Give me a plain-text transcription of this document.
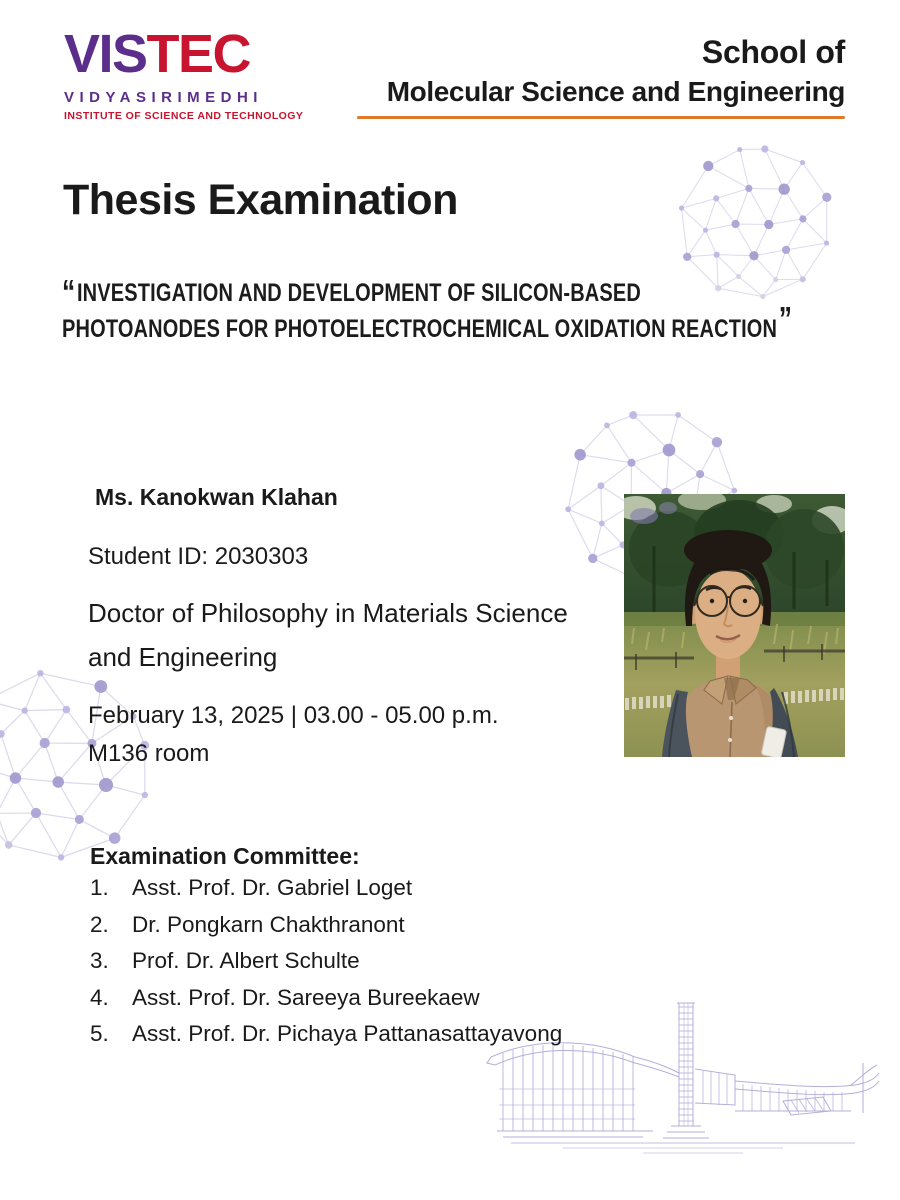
VISTEC
VIDYASIRIMEDHI
INSTITUTE OF SCIENCE AND TECHNOLOGY
School of
Molecular Science and Engineering
Thesis Examination
“INVESTIGATION AND DEVELOPMENT OF SILICON-BASED
PHOTOANODES FOR PHOTOELECTROCHEMICAL OXIDATION REACTION”
Ms. Kanokwan Klahan
Student ID: 2030303
Doctor of Philosophy in Materials Science
and Engineering
February 13, 2025 | 03.00 - 05.00 p.m.
M136 room
Examination Committee:
1.	Asst. Prof. Dr. Gabriel Loget
2.	Dr. Pongkarn Chakthranont
3.	Prof. Dr. Albert Schulte
4.	Asst. Prof. Dr. Sareeya Bureekaew
5.	Asst. Prof. Dr. Pichaya Pattanasattayavong
